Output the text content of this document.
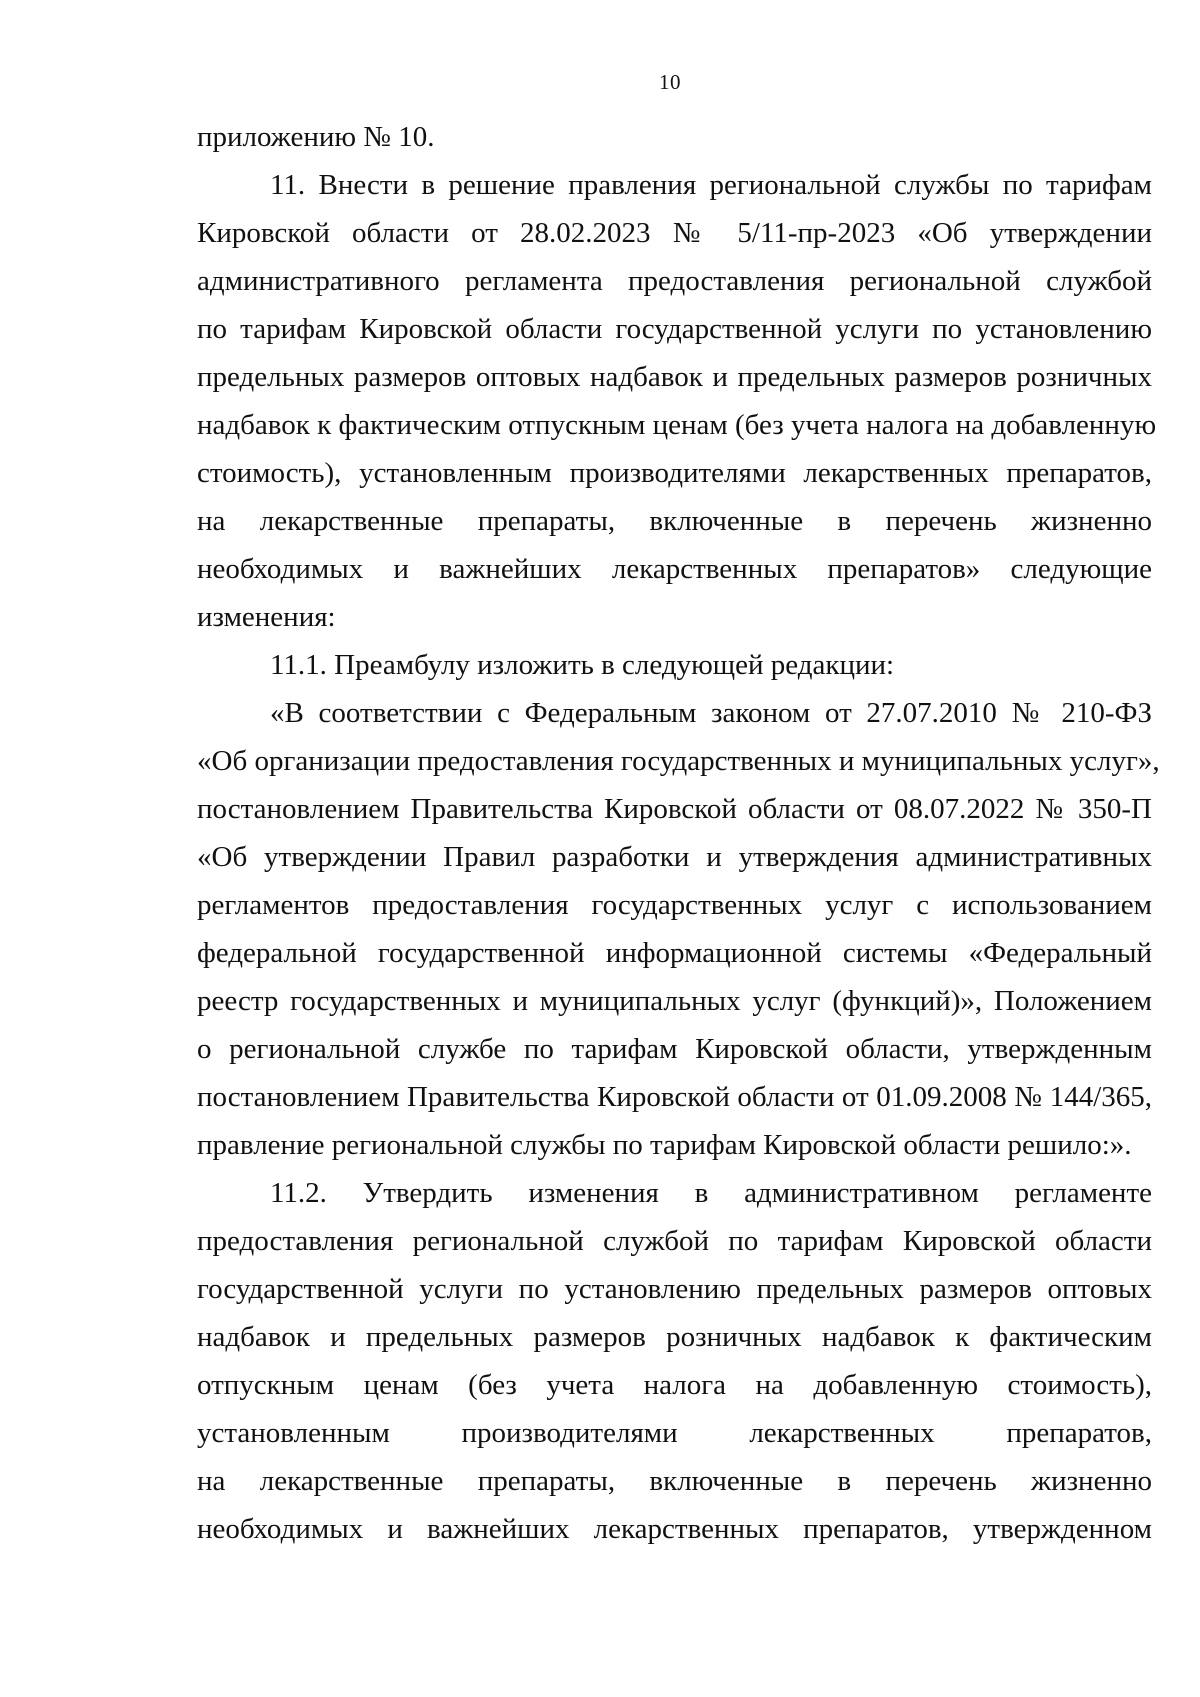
10
приложению № 10.
11. Внести в решение правления региональной службы по тарифам
Кировской области от 28.02.2023 № 5/11-пр-2023 «Об утверждении
административного регламента предоставления региональной службой
по тарифам Кировской области государственной услуги по установлению
предельных размеров оптовых надбавок и предельных размеров розничных
надбавок к фактическим отпускным ценам (без учета налога на добавленную
стоимость), установленным производителями лекарственных препаратов,
на лекарственные препараты, включенные в перечень жизненно
необходимых и важнейших лекарственных препаратов» следующие
изменения:
11.1. Преамбулу изложить в следующей редакции:
«В соответствии с Федеральным законом от 27.07.2010 № 210-ФЗ
«Об организации предоставления государственных и муниципальных услуг»,
постановлением Правительства Кировской области от 08.07.2022 № 350-П
«Об утверждении Правил разработки и утверждения административных
регламентов предоставления государственных услуг с использованием
федеральной государственной информационной системы «Федеральный
реестр государственных и муниципальных услуг (функций)», Положением
о региональной службе по тарифам Кировской области, утвержденным
постановлением Правительства Кировской области от 01.09.2008 № 144/365,
правление региональной службы по тарифам Кировской области решило:».
11.2. Утвердить изменения в административном регламенте
предоставления региональной службой по тарифам Кировской области
государственной услуги по установлению предельных размеров оптовых
надбавок и предельных размеров розничных надбавок к фактическим
отпускным ценам (без учета налога на добавленную стоимость),
установленным производителями лекарственных препаратов,
на лекарственные препараты, включенные в перечень жизненно
необходимых и важнейших лекарственных препаратов, утвержденном
